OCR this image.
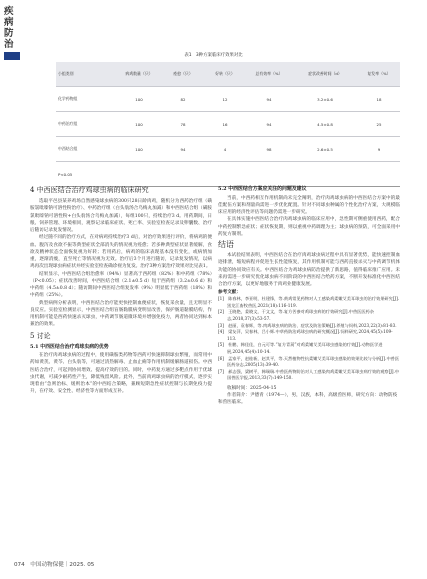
疾病防治
表1　3种方案临床疗效果对比
小组类别	病鸡数量（只）	痊愈（只）	好转（只）	总有效率（%）	症状改善时间（d）	复发率（%）
化学药物组	100	82	12	94	3.2±0.6	18
中药治疗组	100	78	16	94	4.5±0.8	25
中西结合组	100	94	4	98	2.6±0.5	9
P<0.05						
4 中西医结合治疗鸡球虫病的临床研究

选取平邑县某养鸡场自然感染球虫病的300只28日龄肉鸡，随机分为西药治疗组（磺胺氯吡嗪钠可溶性粉治疗）、中药治疗组（白头翁汤合乌梅丸加减）和中西医结合组（磺胺氯吡嗪钠可溶性粉+白头翁汤合乌梅丸加减），每组100只，持续治疗3 d。用药期间，日粮、饲养管理、环境相同，观察记录临床症状、死亡率、实验室检查记录及卵囊数、治疗后随访记录复发情况。

经过随不同的治疗方式，在对病鸡持续治疗3 d后，对治疗效果进行评价，将病鸡的便血、腹泻及食欲不振等典型症状全部消失的情况视为痊愈；若多种典型症状显著缓解，食欲及精神状态全面恢复视为好转；若用药后，病鸡的临床表现基本没有变化，或病情加重，逐渐消瘦，直至死亡等情况视为无效。治疗后3个月进行随访，记录复发情况，以病鸡再次出现球虫病症状并经实验室检查确诊视为复发。治疗3种方案治疗效果对比见表1。

结果显示，中西医结合组治愈率（94%）显著高于西药组（82%）和中药组（78%）（P<0.05）；症状改善时间，中西医结合组（2.1±0.5 d）短于西药组（3.2±0.6 d）和中药组（4.5±0.8 d）；随访期间中西医结合组复发率（9%）明显低于西药组（18%）和中药组（25%）。

典型病例分析表明，中西医结合治疗能更快控制血便症状，恢复采食量，且无明显不良反应。实验室检测显示，中西医结合组盲肠黏膜病变明显改善，保护肠道黏膜结构，作用机制可能是西药快速杀灭球虫，中药调节肠道微环境并增强免疫力，两者协同达到标本兼治的效果。

5 讨论
5.1 中西医结合治疗鸡球虫病的优势

在治疗肉鸡球虫病的过程中，使用磺胺类药物等西药可快速抑制球虫繁殖，而常用中药如黄芪、黄芩、白头翁等，可通过清热解毒、止血止痢等作用机制缓解肠道损伤。中西医结合治疗，可起到协同增效、提高疗效的目的。同时，中药复方通过多靶点作用于优球虫代谢，可减少耐药性产生，降低残留风险。此外，当前肉鸡球虫病的治疗模式，逐步实现着由“急则治标、缓则治本”的中西结合策略，兼顾短期急性症状控制与长期免疫力提升，在疗效、安全性、经济性等方面形成互补。

5.2 中西医结合方案应关注的问题及建议

当前，中西药相互作用机制尚未完全阐明，治疗肉鸡球虫病的中西医结合方案中的最佳配伍方案和剂量尚需进一步优化配置。针对不同球虫种属的个性化治疗方案，大规模临床应用的经济性评估等问题仍需进一步研究。

在具体实施中西医结合治疗肉鸡球虫病的临床应用中，急性期可侧重使用西药，配合中药控制繁急症状；症状恢复期，则以重视中药调理为主；球虫病的预防，可全面采用中药复方制剂。

结语

本试验结果表明，中西医结合在治疗肉鸡球虫病过程中具有显著优势，能快速控制血迹排泄，缩短病程并促进生长性能恢复，其作用机制可能与西药直接杀灭与中药调节机体功能的协同效应有关。中西医结合为鸡球虫病防治提供了新思路，值得临床推广应用。未来再需进一步研究优化球虫病不同阶段的中西医结合给药方案，不断开发标准化中西医结合治疗方案，以更好地服务于肉鸡业健康发展。

参考文献：

[1]　陈春林，李亚明，杜建锋，等.黄鸡常见药物对人工感染鸡柔嫩艾美耳球虫的治疗效果研究[J].黑龙江畜牧兽医,2021(18):116-119.

[2]　王晓艳，姜晓文，于文文，等.复方苦参对鸡球虫病的疗效研究[J].中兽医医药杂志,2018,37(3):53-57.

[3]　赵丽，袁春辉，等.肉鸡球虫病的防治、症状及防治策略[J].养殖与饲料,2023,22(3):81-83.

[4]　梁友萍，吴春林，吕小辉.中草药防治鸡球虫病的研究概况[J].饲料研究,2024,45(5):109-113.

[5]　杜鹏，韩佳佳，白元可等.“复方青蒿”对鸡柔嫩艾美耳球虫感染的疗效[J].动物医学进展,2024,45(4):10-14.

[6]　孟家平，赵桂新，赵其平，等.天然植物性抗柔嫩艾美耳球虫感染的效果比较与分析[J].中兽医医药杂志,2005(13):39-40.

[7]　郝志强，梁树平，韩瑞瑞.中兽医药物防治对人工感染肉鸡柔嫩艾美耳球虫病疗效的观察[J].中国兽医学报,2013,33(7):149-150.

收稿时间：2025-04-15

作者简介：尹德青（1974—），男，汉族，本科，高级兽医师，研究方向：动物防疫和兽医临床。

074　中国动物保健｜2025. 05
